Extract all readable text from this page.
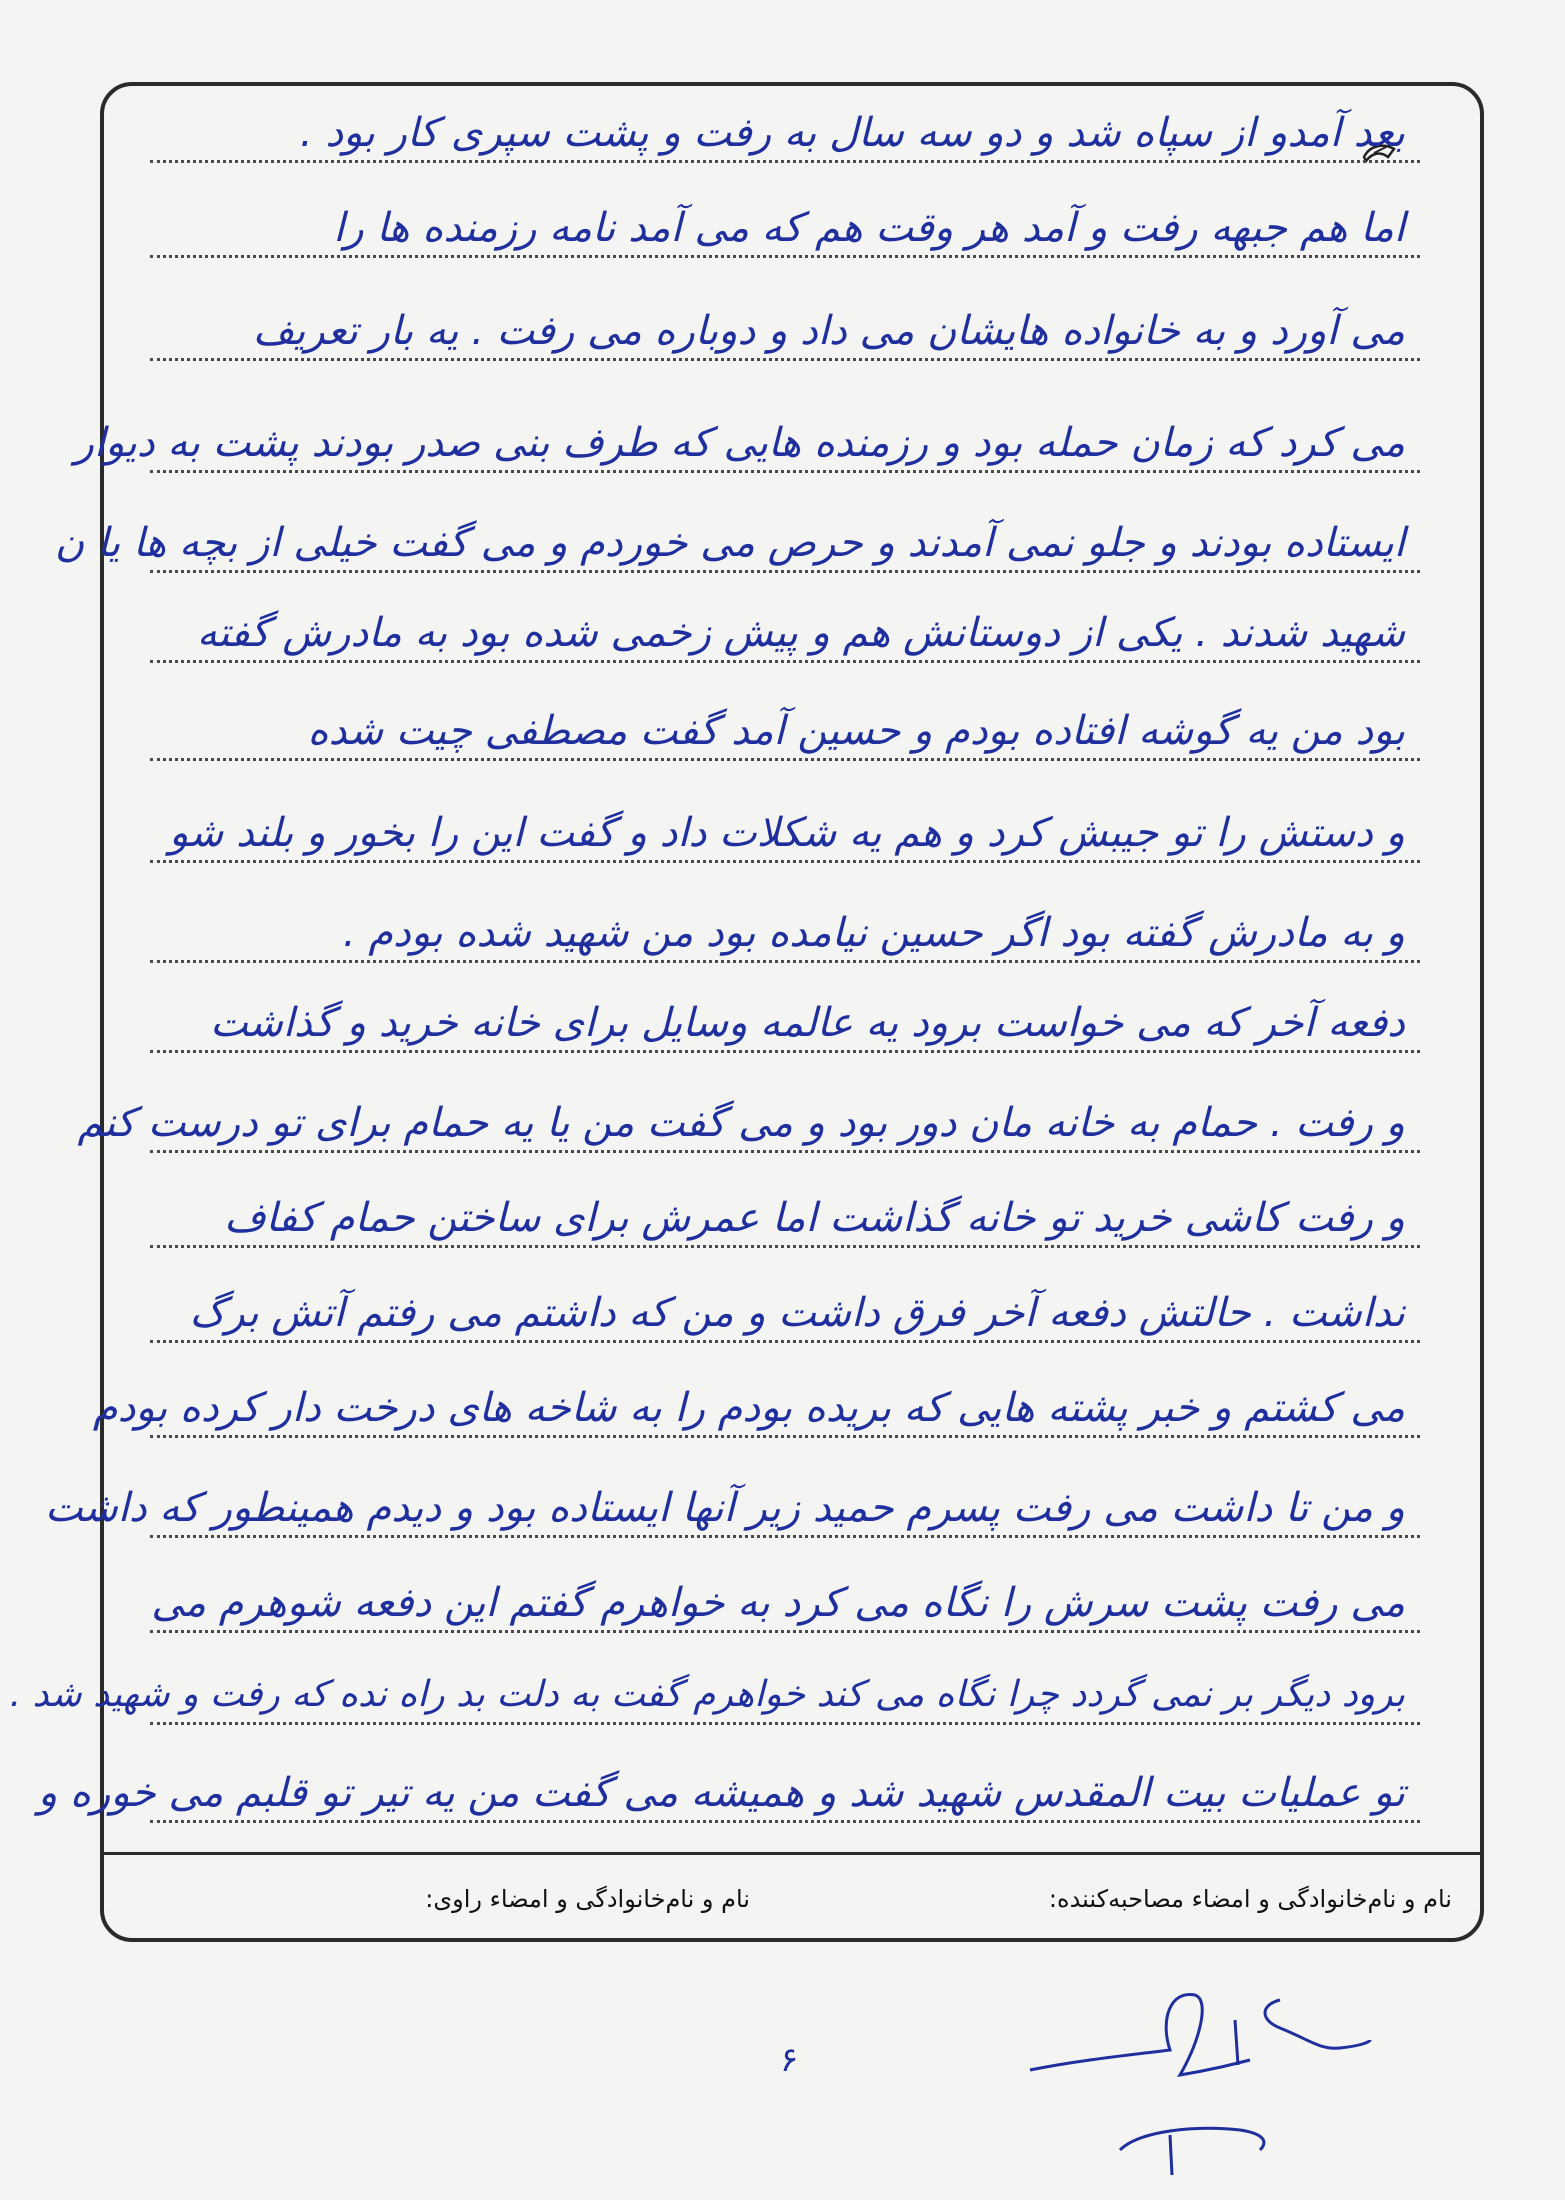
بعد آمدو از سپاه شد و دو سه سال به رفت و پشت سپری کار بود .
اما هم جبهه رفت و آمد هر وقت هم که می آمد نامه رزمنده ها را
می آورد و به خانواده هایشان می داد و دوباره می رفت . یه بار تعریف
می کرد که زمان حمله بود و رزمنده هایی که طرف بنی صدر بودند پشت به دیوار
ایستاده بودند و جلو نمی آمدند و حرص می خوردم و می گفت خیلی از بچه ها یا ن
شهید شدند . یکی از دوستانش هم و پیش زخمی شده بود به مادرش گفته
بود من یه گوشه افتاده بودم و حسین آمد گفت مصطفی چیت شده
و دستش را تو جیبش کرد و هم یه شکلات داد و گفت این را بخور و بلند شو
و به مادرش گفته بود اگر حسین نیامده بود من شهید شده بودم .
دفعه آخر که می خواست برود یه عالمه وسایل برای خانه خرید و گذاشت
و رفت . حمام به خانه مان دور بود و می گفت من یا یه حمام برای تو درست کنم
و رفت کاشی خرید تو خانه گذاشت اما عمرش برای ساختن حمام کفاف
نداشت . حالتش دفعه آخر فرق داشت و من که داشتم می رفتم آتش برگ
می کشتم و خبر پشته هایی که بریده بودم را به شاخه های درخت دار کرده بودم
و من تا داشت می رفت پسرم حمید زیر آنها ایستاده بود و دیدم همینطور که داشت
می رفت پشت سرش را نگاه می کرد به خواهرم گفتم این دفعه شوهرم می
برود دیگر بر نمی گردد چرا نگاه می کند خواهرم گفت به دلت بد راه نده که رفت و شهید شد .
تو عملیات بیت المقدس شهید شد و همیشه می گفت من یه تیر تو قلبم می خوره و
نام و نام‌خانوادگی و امضاء مصاحبه‌کننده:
نام و نام‌خانوادگی و امضاء راوی:
۶
